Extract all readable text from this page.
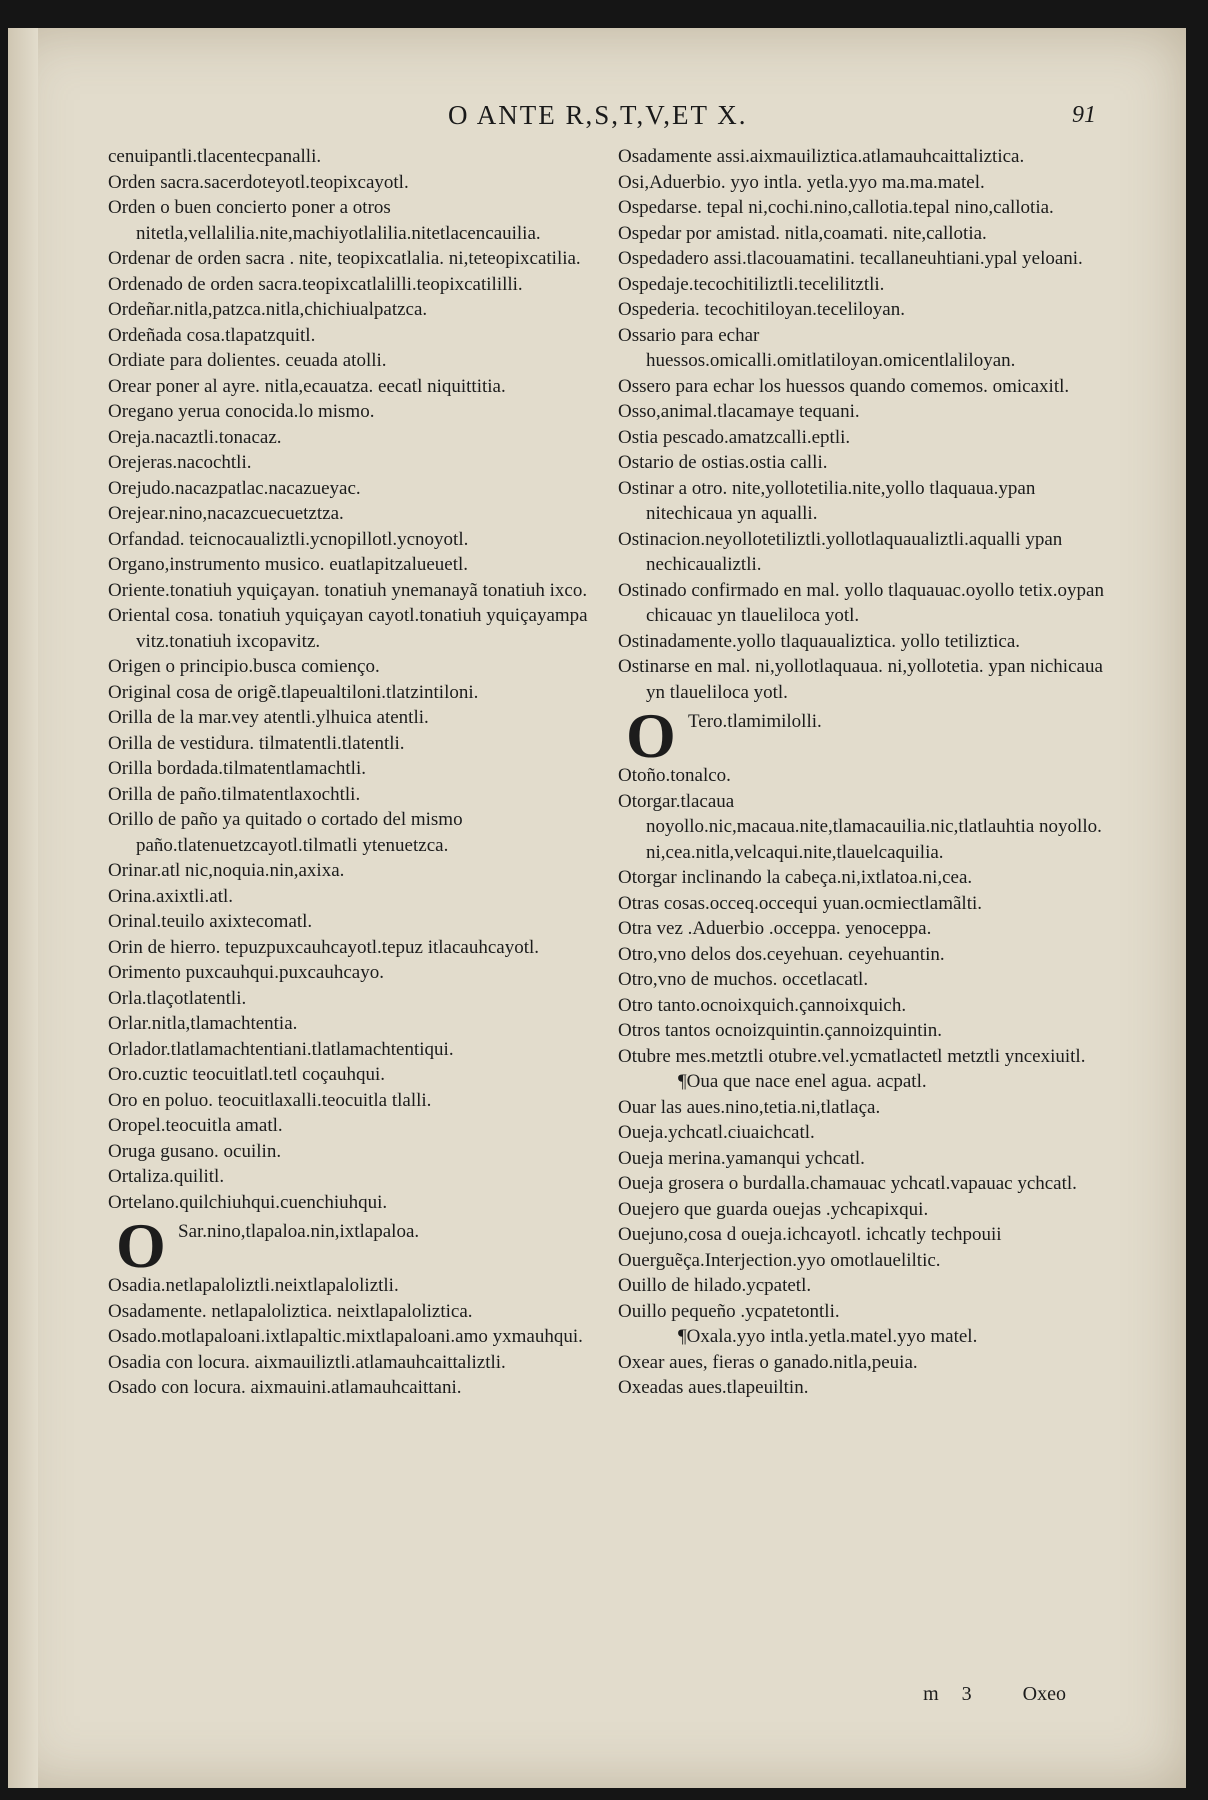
O ANTE R,S,T,V,ET X.	91

cenuipantli.tlacentecpanalli.

Orden sacra.sacerdoteyotl.teopixcayotl.

Orden o buen concierto poner a otros nitetla,vellalilia.nite,machiyotlalilia.nitetlacencauilia.

Ordenar de orden sacra . nite, teopixcatlalia. ni,teteopixcatilia.

Ordenado de orden sacra.teopixcatlalilli.teopixcatililli.

Ordeñar.nitla,patzca.nitla,chichiualpatzca.

Ordeñada cosa.tlapatzquitl.

Ordiate para dolientes. ceuada atolli.

Orear poner al ayre. nitla,ecauatza. eecatl niquittitia.

Oregano yerua conocida.lo mismo.

Oreja.nacaztli.tonacaz.

Orejeras.nacochtli.

Orejudo.nacazpatlac.nacazueyac.

Orejear.nino,nacazcuecuetztza.

Orfandad. teicnocaualiztli.ycnopillotl.ycnoyotl.

Organo,instrumento musico. euatlapitzalueuetl.

Oriente.tonatiuh yquiçayan. tonatiuh ynemanayã tonatiuh ixco.

Oriental cosa. tonatiuh yquiçayan cayotl.tonatiuh yquiçayampa vitz.tonatiuh ixcopavitz.

Origen o principio.busca comienço.

Original cosa de origẽ.tlapeualtiloni.tlatzintiloni.

Orilla de la mar.vey atentli.ylhuica atentli.

Orilla de vestidura. tilmatentli.tlatentli.

Orilla bordada.tilmatentlamachtli.

Orilla de paño.tilmatentlaxochtli.

Orillo de paño ya quitado o cortado del mismo paño.tlatenuetzcayotl.tilmatli ytenuetzca.

Orinar.atl nic,noquia.nin,axixa.

Orina.axixtli.atl.

Orinal.teuilo axixtecomatl.

Orin de hierro. tepuzpuxcauhcayotl.tepuz itlacauhcayotl.

Orimento puxcauhqui.puxcauhcayo.

Orla.tlaçotlatentli.

Orlar.nitla,tlamachtentia.

Orlador.tlatlamachtentiani.tlatlamachtentiqui.

Oro.cuztic teocuitlatl.tetl coçauhqui.

Oro en poluo. teocuitlaxalli.teocuitla tlalli.

Oropel.teocuitla amatl.

Oruga gusano. ocuilin.

Ortaliza.quilitl.

Ortelano.quilchiuhqui.cuenchiuhqui.

O Sar.nino,tlapaloa.nin,ixtlapaloa.

Osadia.netlapaloliztli.neixtlapaloliztli.

Osadamente. netlapaloliztica. neixtlapaloliztica.

Osado.motlapaloani.ixtlapaltic.mixtlapaloani.amo yxmauhqui.

Osadia con locura. aixmauiliztli.atlamauhcaittaliztli.

Osado con locura. aixmauini.atlamauhcaittani.

Osadamente assi.aixmauiliztica.atlamauhcaittaliztica.

Osi,Aduerbio. yyo intla. yetla.yyo ma.ma.matel.

Ospedarse. tepal ni,cochi.nino,callotia.tepal nino,callotia.

Ospedar por amistad. nitla,coamati. nite,callotia.

Ospedadero assi.tlacouamatini. tecallaneuhtiani.ypal yeloani.

Ospedaje.tecochitiliztli.tecelilitztli.

Ospederia. tecochitiloyan.teceliloyan.

Ossario para echar huessos.omicalli.omitlatiloyan.omicentlaliloyan.

Ossero para echar los huessos quando comemos. omicaxitl.

Osso,animal.tlacamaye tequani.

Ostia pescado.amatzcalli.eptli.

Ostario de ostias.ostia calli.

Ostinar a otro. nite,yollotetilia.nite,yollo tlaquaua.ypan nitechicaua yn aqualli.

Ostinacion.neyollotetiliztli.yollotlaquaualiztli.aqualli ypan nechicaualiztli.

Ostinado confirmado en mal. yollo tlaquauac.oyollo tetix.oypan chicauac yn tlaueliloca yotl.

Ostinadamente.yollo tlaquaualiztica. yollo tetiliztica.

Ostinarse en mal. ni,yollotlaquaua. ni,yollotetia. ypan nichicaua yn tlaueliloca yotl.

O Tero.tlamimilolli.

Otoño.tonalco.

Otorgar.tlacaua noyollo.nic,macaua.nite,tlamacauilia.nic,tlatlauhtia noyollo. ni,cea.nitla,velcaqui.nite,tlauelcaquilia.

Otorgar inclinando la cabeça.ni,ixtlatoa.ni,cea.

Otras cosas.occeq.occequi yuan.ocmiectlamãlti.

Otra vez .Aduerbio .occeppa. yenoceppa.

Otro,vno delos dos.ceyehuan. ceyehuantin.

Otro,vno de muchos. occetlacatl.

Otro tanto.ocnoixquich.çannoixquich.

Otros tantos ocnoizquintin.çannoizquintin.

Otubre mes.metztli otubre.vel.ycmatlactetl metztli yncexiuitl.

¶Oua que nace enel agua. acpatl.

Ouar las aues.nino,tetia.ni,tlatlaça.

Oueja.ychcatl.ciuaichcatl.

Oueja merina.yamanqui ychcatl.

Oueja grosera o burdalla.chamauac ychcatl.vapauac ychcatl.

Ouejero que guarda ouejas .ychcapixqui.

Ouejuno,cosa d oueja.ichcayotl. ichcatly techpouii

Ouerguẽça.Interjection.yyo omotlaueliltic.

Ouillo de hilado.ycpatetl.

Ouillo pequeño .ycpatetontli.

¶Oxala.yyo intla.yetla.matel.yyo matel.

Oxear aues, fieras o ganado.nitla,peuia.

Oxeadas aues.tlapeuiltin.

m 3	Oxeo
